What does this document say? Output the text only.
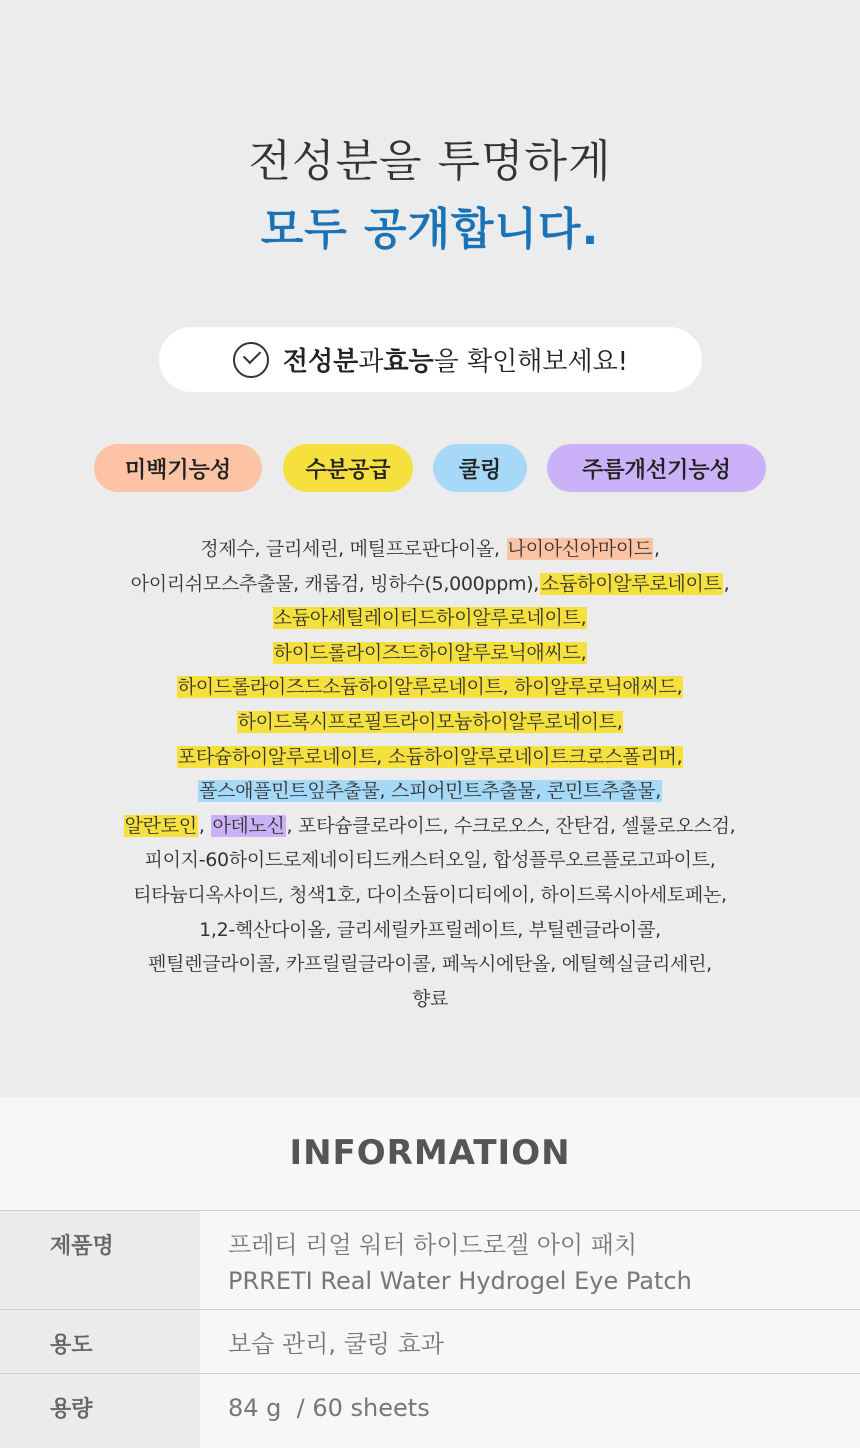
전성분을 투명하게
모두 공개합니다.
전성분 과 효능 을 확인해보세요!
미백기능성	수분공급	쿨링	주름개선기능성
정제수, 글리세린, 메틸프로판다이올, 나이아신아마이드 ,
아이리쉬모스추출물, 캐롭검, 빙하수(5,000ppm), 소듐하이알루로네이트 ,
소듐아세틸레이티드하이알루로네이트,
하이드롤라이즈드하이알루로닉애씨드,
하이드롤라이즈드소듐하이알루로네이트, 하이알루로닉애씨드,
하이드록시프로필트라이모늄하이알루로네이트,
포타슘하이알루로네이트, 소듐하이알루로네이트크로스폴리머,
폴스애플민트잎추출물, 스피어민트추출물, 콘민트추출물,
알란토인 , 아데노신 , 포타슘클로라이드, 수크로오스, 잔탄검, 셀룰로오스검,
피이지-60하이드로제네이티드캐스터오일, 합성플루오르플로고파이트,
티타늄디옥사이드, 청색1호, 다이소듐이디티에이, 하이드록시아세토페논,
1,2-헥산다이올, 글리세릴카프릴레이트, 부틸렌글라이콜,
펜틸렌글라이콜, 카프릴릴글라이콜, 페녹시에탄올, 에틸헥실글리세린,
향료
INFORMATION
제품명	프레티 리얼 워터 하이드로겔 아이 패치
PRRETI Real Water Hydrogel Eye Patch
용도	보습 관리, 쿨링 효과
용량	84 g  / 60 sheets
